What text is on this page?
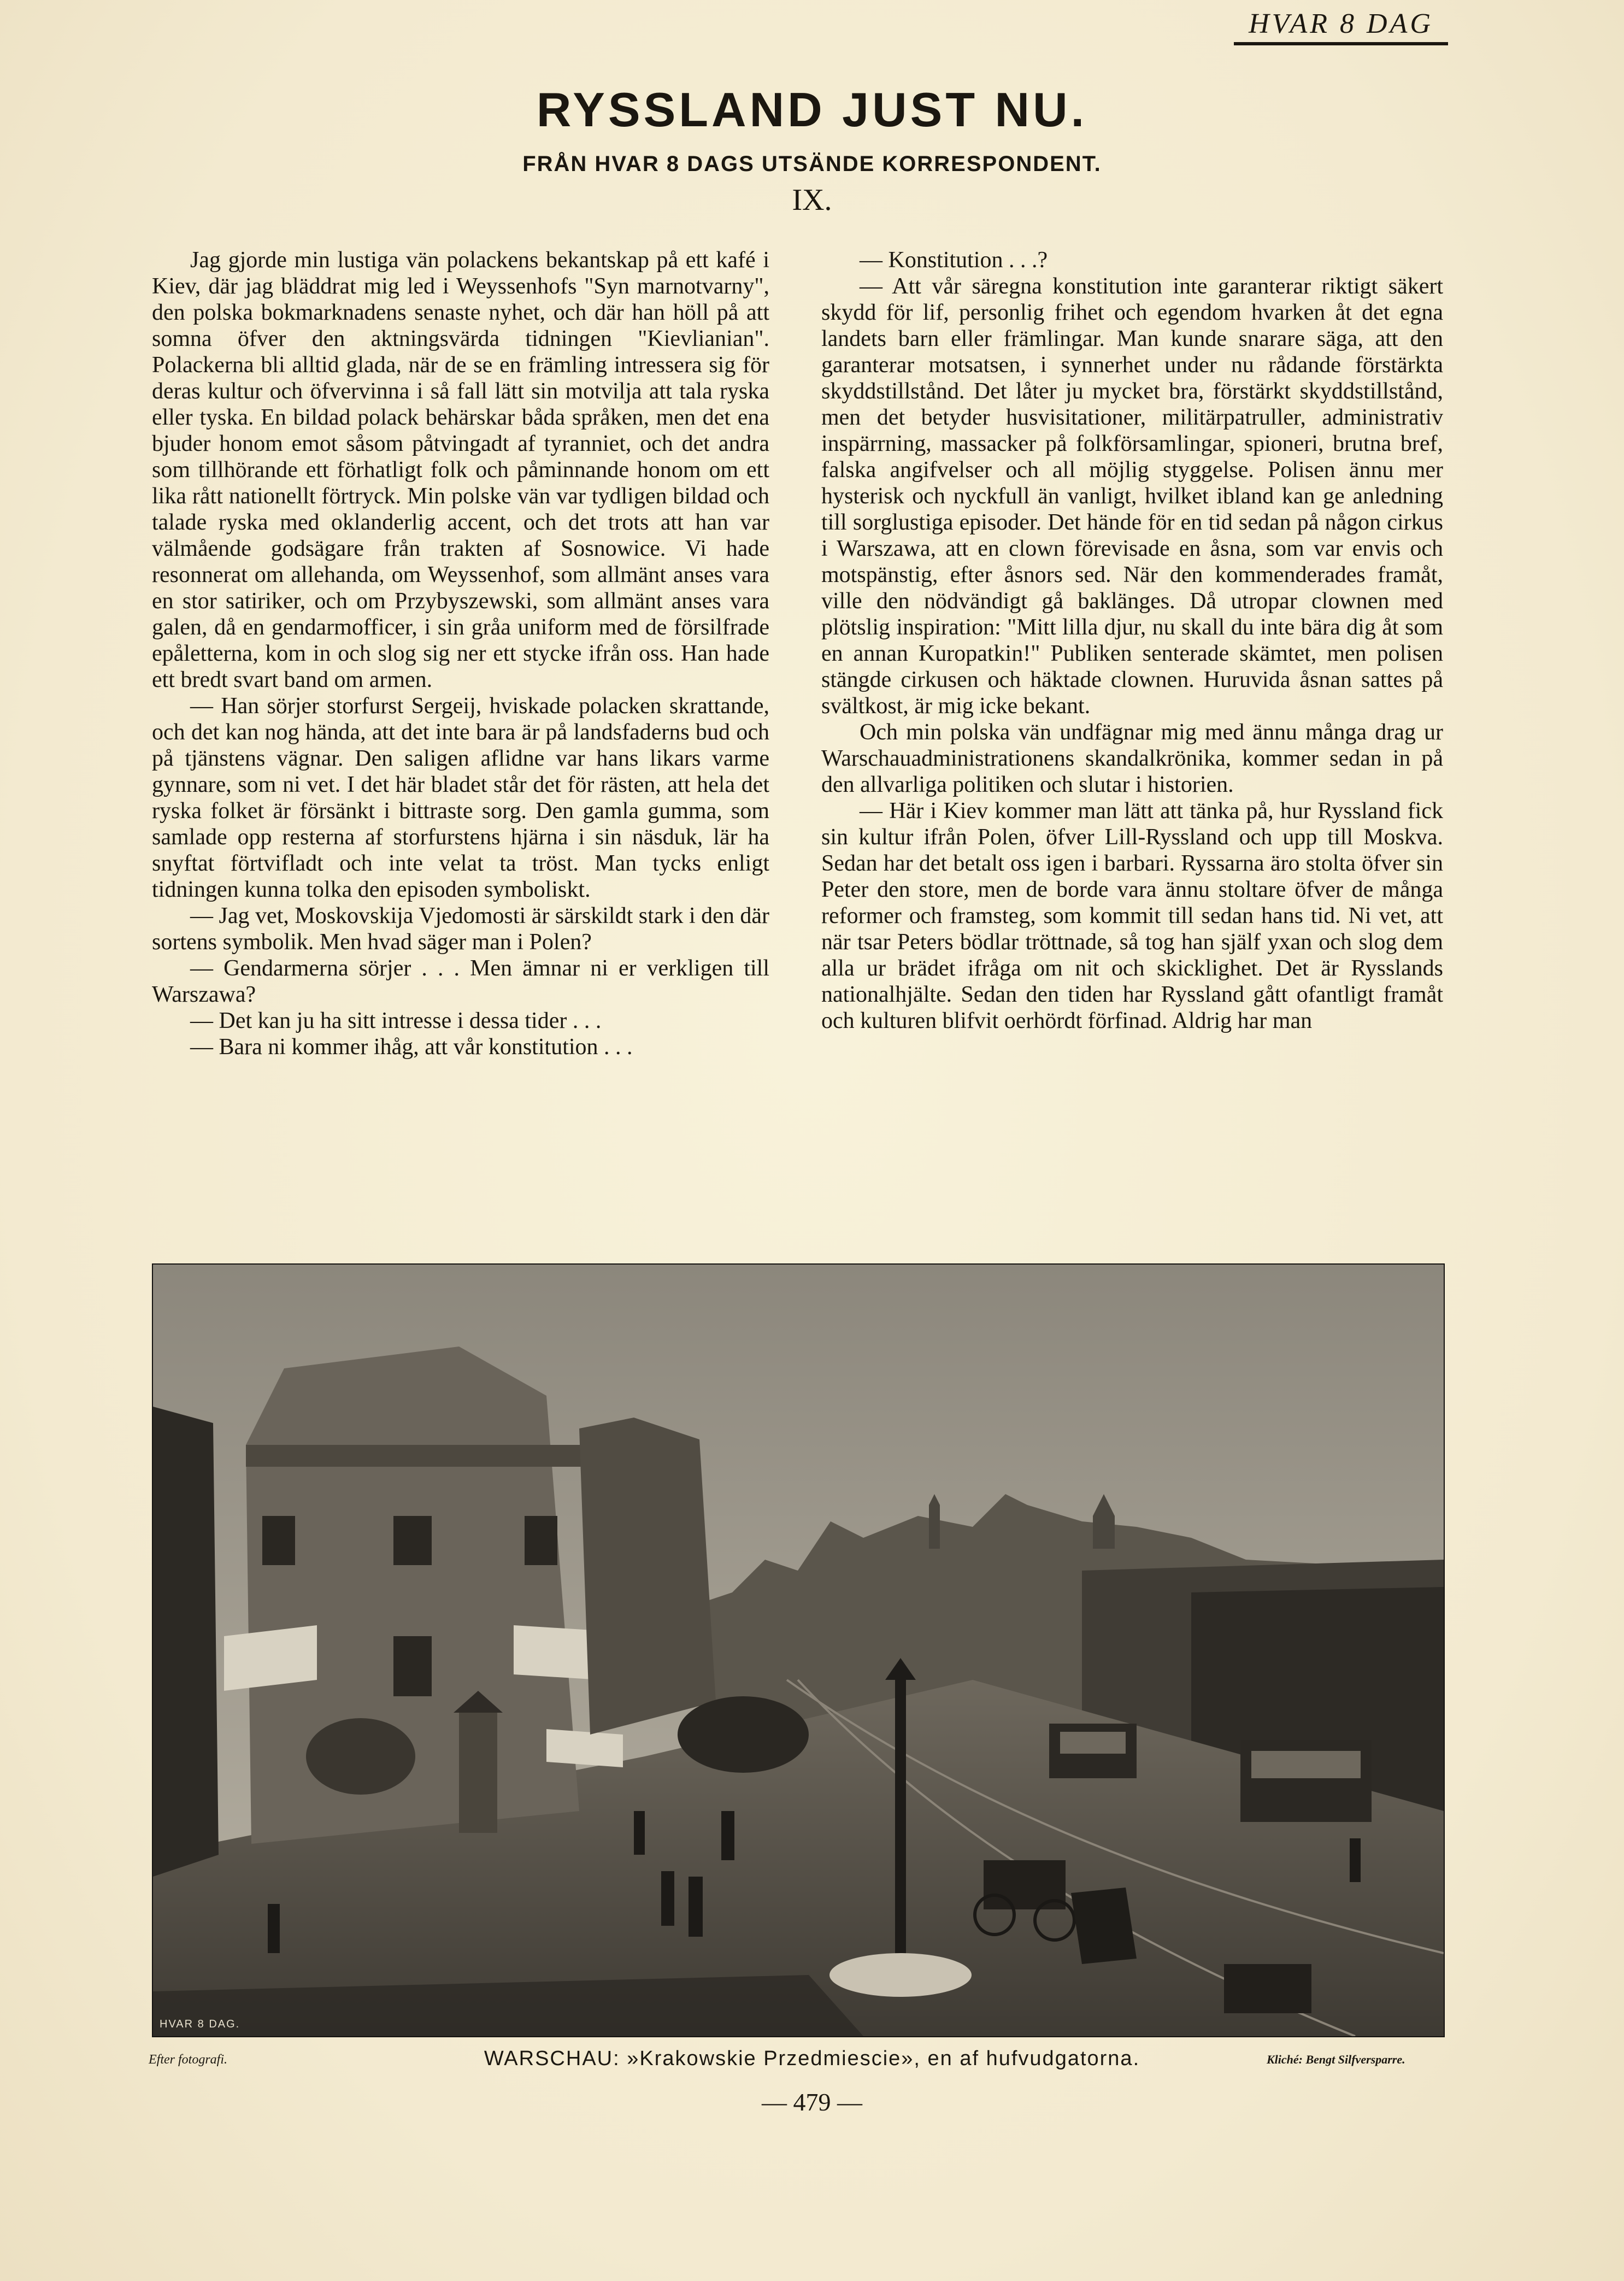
HVAR 8 DAG
RYSSLAND JUST NU.
FRÅN HVAR 8 DAGS UTSÄNDE KORRESPONDENT.
IX.

Jag gjorde min lustiga vän polackens bekantskap på ett kafé i Kiev, där jag bläddrat mig led i Weyssenhofs "Syn marnotvarny", den polska bokmarknadens senaste nyhet, och där han höll på att somna öfver den aktningsvärda tidningen "Kievlianian". Polackerna bli alltid glada, när de se en främling intressera sig för deras kultur och öfvervinna i så fall lätt sin motvilja att tala ryska eller tyska. En bildad polack behärskar båda språken, men det ena bjuder honom emot såsom påtvingadt af tyranniet, och det andra som tillhörande ett förhatligt folk och påminnande honom om ett lika rått nationellt förtryck. Min polske vän var tydligen bildad och talade ryska med oklanderlig accent, och det trots att han var välmående godsägare från trakten af Sosnowice. Vi hade resonnerat om allehanda, om Weyssenhof, som allmänt anses vara en stor satiriker, och om Przybyszewski, som allmänt anses vara galen, då en gendarmofficer, i sin gråa uniform med de försilfrade epåletterna, kom in och slog sig ner ett stycke ifrån oss. Han hade ett bredt svart band om armen.

— Han sörjer storfurst Sergeij, hviskade polacken skrattande, och det kan nog hända, att det inte bara är på landsfaderns bud och på tjänstens vägnar. Den saligen aflidne var hans likars varme gynnare, som ni vet. I det här bladet står det för rästen, att hela det ryska folket är försänkt i bittraste sorg. Den gamla gumma, som samlade opp resterna af storfurstens hjärna i sin näsduk, lär ha snyftat förtvifladt och inte velat ta tröst. Man tycks enligt tidningen kunna tolka den episoden symboliskt.

— Jag vet, Moskovskija Vjedomosti är särskildt stark i den där sortens symbolik. Men hvad säger man i Polen?

— Gendarmerna sörjer . . . Men ämnar ni er verkligen till Warszawa?

— Det kan ju ha sitt intresse i dessa tider . . .

— Bara ni kommer ihåg, att vår konstitution . . .

— Konstitution . . .?

— Att vår säregna konstitution inte garanterar riktigt säkert skydd för lif, personlig frihet och egendom hvarken åt det egna landets barn eller främlingar. Man kunde snarare säga, att den garanterar motsatsen, i synnerhet under nu rådande förstärkta skyddstillstånd. Det låter ju mycket bra, förstärkt skyddstillstånd, men det betyder husvisitationer, militärpatruller, administrativ inspärrning, massacker på folkförsamlingar, spioneri, brutna bref, falska angifvelser och all möjlig styggelse. Polisen ännu mer hysterisk och nyckfull än vanligt, hvilket ibland kan ge anledning till sorglustiga episoder. Det hände för en tid sedan på någon cirkus i Warszawa, att en clown förevisade en åsna, som var envis och motspänstig, efter åsnors sed. När den kommenderades framåt, ville den nödvändigt gå baklänges. Då utropar clownen med plötslig inspiration: "Mitt lilla djur, nu skall du inte bära dig åt som en annan Kuropatkin!" Publiken senterade skämtet, men polisen stängde cirkusen och häktade clownen. Huruvida åsnan sattes på svältkost, är mig icke bekant.

Och min polska vän undfägnar mig med ännu många drag ur Warschauadministrationens skandalkrönika, kommer sedan in på den allvarliga politiken och slutar i historien.

— Här i Kiev kommer man lätt att tänka på, hur Ryssland fick sin kultur ifrån Polen, öfver Lill-Ryssland och upp till Moskva. Sedan har det betalt oss igen i barbari. Ryssarna äro stolta öfver sin Peter den store, men de borde vara ännu stoltare öfver de många reformer och framsteg, som kommit till sedan hans tid. Ni vet, att när tsar Peters bödlar tröttnade, så tog han själf yxan och slog dem alla ur brädet ifråga om nit och skicklighet. Det är Rysslands nationalhjälte. Sedan den tiden har Ryssland gått ofantligt framåt och kulturen blifvit oerhördt förfinad. Aldrig har man

HVAR 8 DAG.
Efter fotografi.	WARSCHAU: »Krakowskie Przedmiescie», en af hufvudgatorna.	Kliché: Bengt Silfversparre.
— 479 —
